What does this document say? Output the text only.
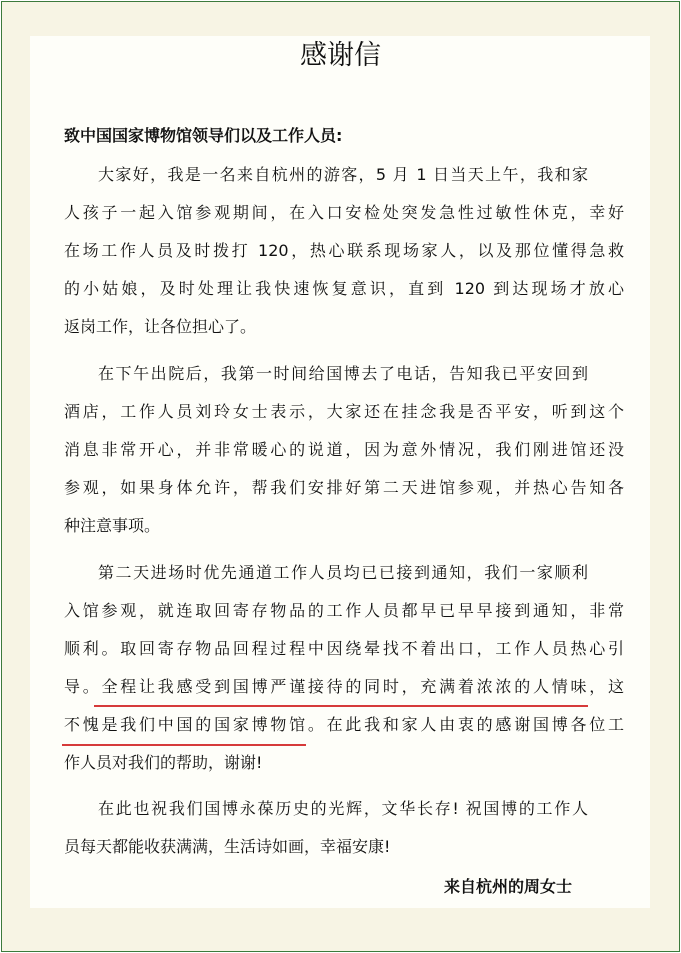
感谢信

致中国国家博物馆领导们以及工作人员:

大家好，我是一名来自杭州的游客，5 月 1 日当天上午，我和家
人孩子一起入馆参观期间，在入口安检处突发急性过敏性休克，幸好
在场工作人员及时拨打 120，热心联系现场家人，以及那位懂得急救
的小姑娘，及时处理让我快速恢复意识，直到 120 到达现场才放心
返岗工作，让各位担心了。
在下午出院后，我第一时间给国博去了电话，告知我已平安回到
酒店，工作人员刘玲女士表示，大家还在挂念我是否平安，听到这个
消息非常开心，并非常暖心的说道，因为意外情况，我们刚进馆还没
参观，如果身体允许，帮我们安排好第二天进馆参观，并热心告知各
种注意事项。
第二天进场时优先通道工作人员均已已接到通知，我们一家顺利
入馆参观，就连取回寄存物品的工作人员都早已早早接到通知，非常
顺利。取回寄存物品回程过程中因绕晕找不着出口，工作人员热心引
导。全程让我感受到国博严谨接待的同时，充满着浓浓的人情味，这
不愧是我们中国的国家博物馆。在此我和家人由衷的感谢国博各位工
作人员对我们的帮助，谢谢!
在此也祝我们国博永葆历史的光辉，文华长存! 祝国博的工作人
员每天都能收获满满，生活诗如画，幸福安康!

来自杭州的周女士
